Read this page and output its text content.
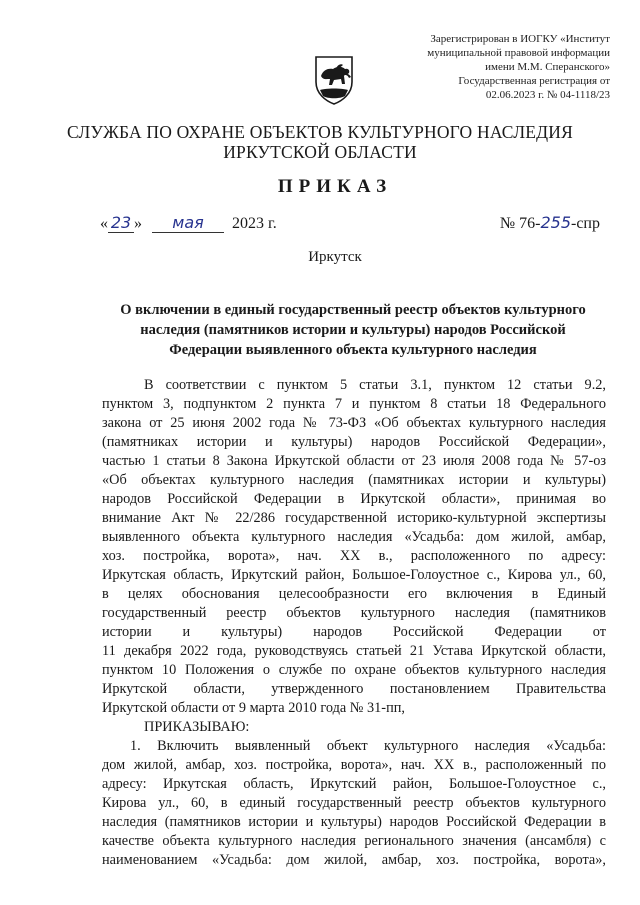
Зарегистрирован в ИОГКУ «Институт
муниципальной правовой информации
имени М.М. Сперанского»
Государственная регистрация от
02.06.2023 г. № 04-1118/23
СЛУЖБА ПО ОХРАНЕ ОБЪЕКТОВ КУЛЬТУРНОГО НАСЛЕДИЯ
ИРКУТСКОЙ ОБЛАСТИ
ПРИКАЗ
« 23 » мая 2023 г.	№ 76-255-спр
Иркутск
О включении в единый государственный реестр объектов культурного
наследия (памятников истории и культуры) народов Российской
Федерации выявленного объекта культурного наследия
В соответствии с пунктом 5 статьи 3.1, пунктом 12 статьи 9.2,
пунктом 3, подпунктом 2 пункта 7 и пунктом 8 статьи 18 Федерального
закона от 25 июня 2002 года № 73-ФЗ «Об объектах культурного наследия
(памятниках истории и культуры) народов Российской Федерации»,
частью 1 статьи 8 Закона Иркутской области от 23 июля 2008 года № 57-оз
«Об объектах культурного наследия (памятниках истории и культуры)
народов Российской Федерации в Иркутской области», принимая во
внимание Акт № 22/286 государственной историко-культурной экспертизы
выявленного объекта культурного наследия «Усадьба: дом жилой, амбар,
хоз. постройка, ворота», нач. XX в., расположенного по адресу:
Иркутская область, Иркутский район, Большое-Голоустное с., Кирова ул., 60,
в целях обоснования целесообразности его включения в Единый
государственный реестр объектов культурного наследия (памятников
истории и культуры) народов Российской Федерации от
11 декабря 2022 года, руководствуясь статьей 21 Устава Иркутской области,
пунктом 10 Положения о службе по охране объектов культурного наследия
Иркутской области, утвержденного постановлением Правительства
Иркутской области от 9 марта 2010 года № 31-пп,
ПРИКАЗЫВАЮ:
1. Включить выявленный объект культурного наследия «Усадьба:
дом жилой, амбар, хоз. постройка, ворота», нач. XX в., расположенный по
адресу: Иркутская область, Иркутский район, Большое-Голоустное с.,
Кирова ул., 60, в единый государственный реестр объектов культурного
наследия (памятников истории и культуры) народов Российской Федерации в
качестве объекта культурного наследия регионального значения (ансамбля) с
наименованием «Усадьба: дом жилой, амбар, хоз. постройка, ворота»,
